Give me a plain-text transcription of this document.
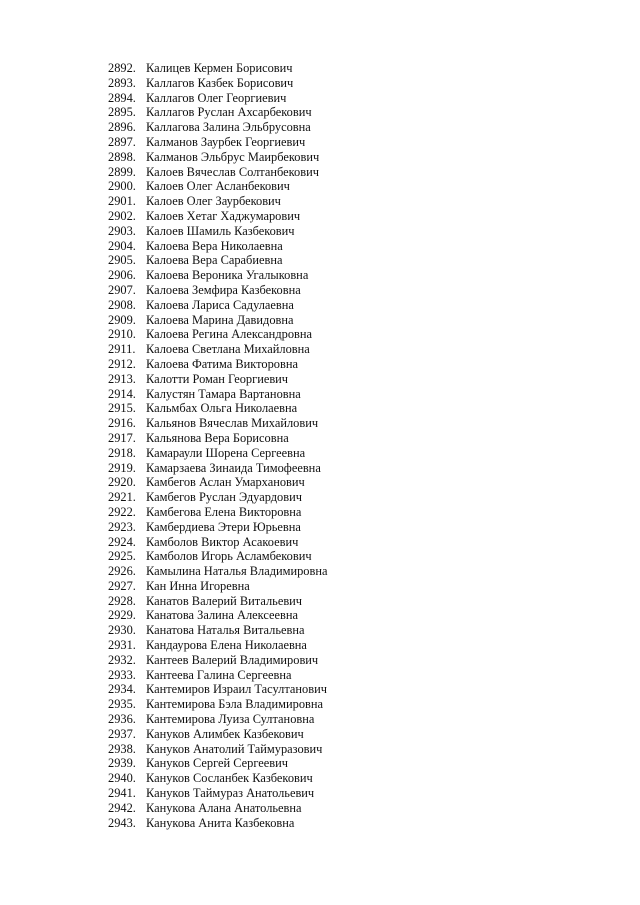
2892. Калицев Кермен Борисович
2893. Каллагов Казбек Борисович
2894. Каллагов Олег Георгиевич
2895. Каллагов Руслан Ахсарбекович
2896. Каллагова Залина Эльбрусовна
2897. Калманов Заурбек Георгиевич
2898. Калманов Эльбрус Маирбекович
2899. Калоев Вячеслав Солтанбекович
2900. Калоев Олег Асланбекович
2901. Калоев Олег Заурбекович
2902. Калоев Хетаг Хаджумарович
2903. Калоев Шамиль Казбекович
2904. Калоева Вера Николаевна
2905. Калоева Вера Сарабиевна
2906. Калоева Вероника Угалыковна
2907. Калоева Земфира Казбековна
2908. Калоева Лариса Садулаевна
2909. Калоева Марина Давидовна
2910. Калоева Регина Александровна
2911. Калоева Светлана Михайловна
2912. Калоева Фатима Викторовна
2913. Калотти Роман Георгиевич
2914. Калустян Тамара Вартановна
2915. Кальмбах Ольга Николаевна
2916. Кальянов Вячеслав Михайлович
2917. Кальянова Вера Борисовна
2918. Камараули Шорена Сергеевна
2919. Камарзаева Зинаида Тимофеевна
2920. Камбегов Аслан Умарханович
2921. Камбегов Руслан Эдуардович
2922. Камбегова Елена Викторовна
2923. Камбердиева Этери Юрьевна
2924. Камболов Виктор Асакоевич
2925. Камболов Игорь Асламбекович
2926. Камылина Наталья Владимировна
2927. Кан Инна Игоревна
2928. Канатов Валерий Витальевич
2929. Канатова Залина Алексеевна
2930. Канатова Наталья Витальевна
2931. Кандаурова Елена Николаевна
2932. Кантеев Валерий Владимирович
2933. Кантеева Галина Сергеевна
2934. Кантемиров Израил Тасултанович
2935. Кантемирова Бэла Владимировна
2936. Кантемирова Луиза Султановна
2937. Кануков Алимбек Казбекович
2938. Кануков Анатолий Таймуразович
2939. Кануков Сергей Сергеевич
2940. Кануков Сосланбек Казбекович
2941. Кануков Таймураз Анатольевич
2942. Канукова Алана Анатольевна
2943. Канукова Анита Казбековна
